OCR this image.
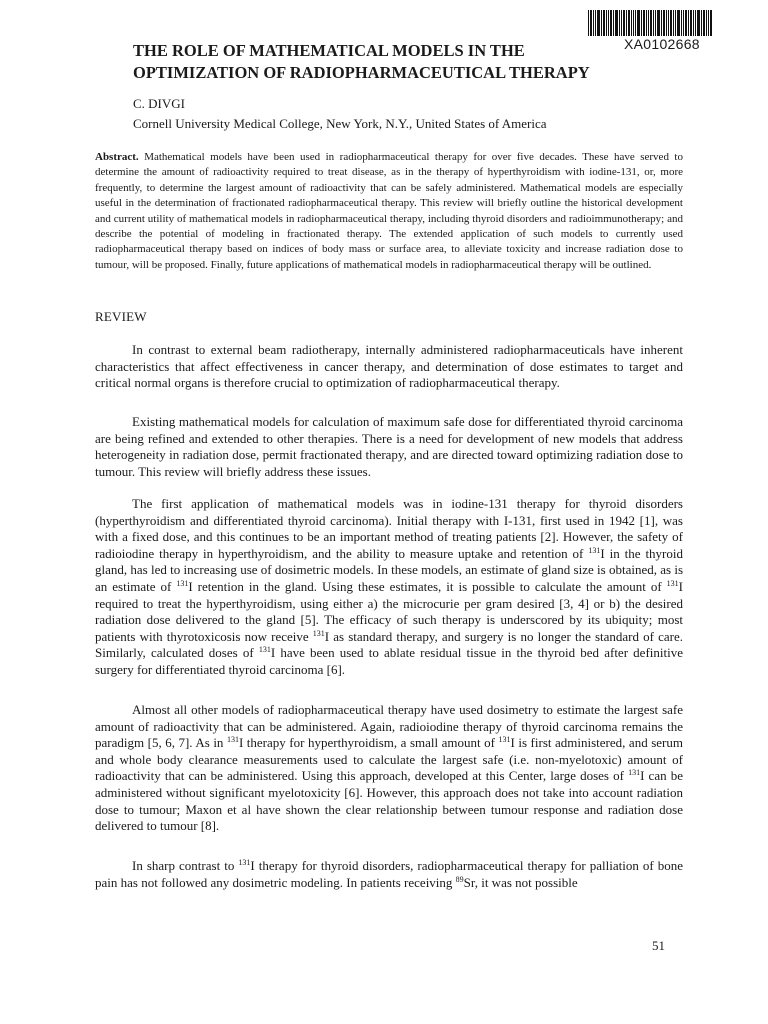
XA0102668
THE ROLE OF MATHEMATICAL MODELS IN THE OPTIMIZATION OF RADIOPHARMACEUTICAL THERAPY

C. DIVGI

Cornell University Medical College, New York, N.Y., United States of America

Abstract. Mathematical models have been used in radiopharmaceutical therapy for over five decades. These have served to determine the amount of radioactivity required to treat disease, as in the therapy of hyperthyroidism with iodine-131, or, more frequently, to determine the largest amount of radioactivity that can be safely administered. Mathematical models are especially useful in the determination of fractionated radiopharmaceutical therapy. This review will briefly outline the historical development and current utility of mathematical models in radiopharmaceutical therapy, including thyroid disorders and radioimmunotherapy; and describe the potential of modeling in fractionated therapy. The extended application of such models to currently used radiopharmaceutical therapy based on indices of body mass or surface area, to alleviate toxicity and increase radiation dose to tumour, will be proposed. Finally, future applications of mathematical models in radiopharmaceutical therapy will be outlined.

REVIEW

In contrast to external beam radiotherapy, internally administered radiopharmaceuticals have inherent characteristics that affect effectiveness in cancer therapy, and determination of dose estimates to target and critical normal organs is therefore crucial to optimization of radiopharmaceutical therapy.

Existing mathematical models for calculation of maximum safe dose for differentiated thyroid carcinoma are being refined and extended to other therapies. There is a need for development of new models that address heterogeneity in radiation dose, permit fractionated therapy, and are directed toward optimizing radiation dose to tumour. This review will briefly address these issues.

The first application of mathematical models was in iodine-131 therapy for thyroid disorders (hyperthyroidism and differentiated thyroid carcinoma). Initial therapy with I-131, first used in 1942 [1], was with a fixed dose, and this continues to be an important method of treating patients [2]. However, the safety of radioiodine therapy in hyperthyroidism, and the ability to measure uptake and retention of $^{131}$I in the thyroid gland, has led to increasing use of dosimetric models. In these models, an estimate of gland size is obtained, as is an estimate of $^{131}$I retention in the gland. Using these estimates, it is possible to calculate the amount of $^{131}$I required to treat the hyperthyroidism, using either a) the microcurie per gram desired [3, 4] or b) the desired radiation dose delivered to the gland [5]. The efficacy of such therapy is underscored by its ubiquity; most patients with thyrotoxicosis now receive $^{131}$I as standard therapy, and surgery is no longer the standard of care. Similarly, calculated doses of $^{131}$I have been used to ablate residual tissue in the thyroid bed after definitive surgery for differentiated thyroid carcinoma [6].

Almost all other models of radiopharmaceutical therapy have used dosimetry to estimate the largest safe amount of radioactivity that can be administered. Again, radioiodine therapy of thyroid carcinoma remains the paradigm [5, 6, 7]. As in $^{131}$I therapy for hyperthyroidism, a small amount of $^{131}$I is first administered, and serum and whole body clearance measurements used to calculate the largest safe (i.e. non-myelotoxic) amount of radioactivity that can be administered. Using this approach, developed at this Center, large doses of $^{131}$I can be administered without significant myelotoxicity [6]. However, this approach does not take into account radiation dose to tumour; Maxon et al have shown the clear relationship between tumour response and radiation dose delivered to tumour [8].

In sharp contrast to $^{131}$I therapy for thyroid disorders, radiopharmaceutical therapy for palliation of bone pain has not followed any dosimetric modeling. In patients receiving $^{89}$Sr, it was not possible

51
